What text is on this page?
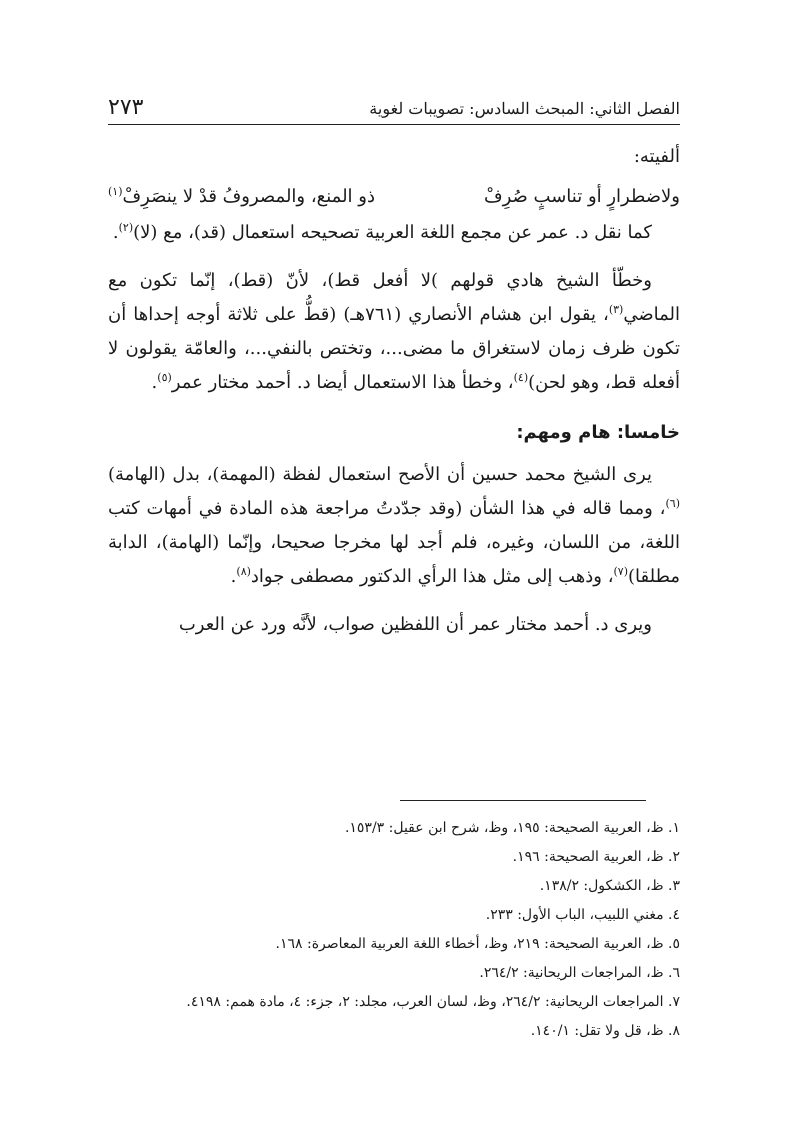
الفصل الثاني: المبحث السادس: تصويبات لغوية
٢٧٣

ألفيته:

ولاضطرارٍ أو تناسبٍ صُرِفْ
ذو المنع، والمصروفُ قدْ لا ينصَرِفْ$^{(١)}$

كما نقل د. عمر عن مجمع اللغة العربية تصحيحه استعمال (قد)، مع (لا)$^{(٢)}$.

وخطّأ الشيخ هادي قولهم )لا أفعل قط)، لأنّ (قط)، إنّما تكون مع الماضي$^{(٣)}$، يقول ابن هشام الأنصاري (٧٦١هـ) (قطُّ على ثلاثة أوجه إحداها أن تكون ظرف زمان لاستغراق ما مضى...، وتختص بالنفي...، والعامّة يقولون لا أفعله قط، وهو لحن)$^{(٤)}$، وخطأ هذا الاستعمال أيضا د. أحمد مختار عمر$^{(٥)}$.

خامسا: هام ومهم:

يرى الشيخ محمد حسين أن الأصح استعمال لفظة (المهمة)، بدل (الهامة)$^{(٦)}$، ومما قاله في هذا الشأن (وقد جدّدتُ مراجعة هذه المادة في أمهات كتب اللغة، من اللسان، وغيره، فلم أجد لها مخرجا صحيحا، وإنّما (الهامة)، الدابة مطلقا)$^{(٧)}$، وذهب إلى مثل هذا الرأي الدكتور مصطفى جواد$^{(٨)}$.

ويرى د. أحمد مختار عمر أن اللفظين صواب، لأنَّه ورد عن العرب

١. ظ، العربية الصحيحة: ١٩٥، وظ، شرح ابن عقيل: ١٥٣/٣.
٢. ظ، العربية الصحيحة: ١٩٦.
٣. ظ، الكشكول: ١٣٨/٢.
٤. مغني اللبيب، الباب الأول: ٢٣٣.
٥. ظ، العربية الصحيحة: ٢١٩، وظ، أخطاء اللغة العربية المعاصرة: ١٦٨.
٦. ظ، المراجعات الريحانية: ٢٦٤/٢.
٧. المراجعات الريحانية: ٢٦٤/٢، وظ، لسان العرب، مجلد: ٢، جزء: ٤، مادة همم: ٤١٩٨.
٨. ظ، قل ولا تقل: ١٤٠/١.
